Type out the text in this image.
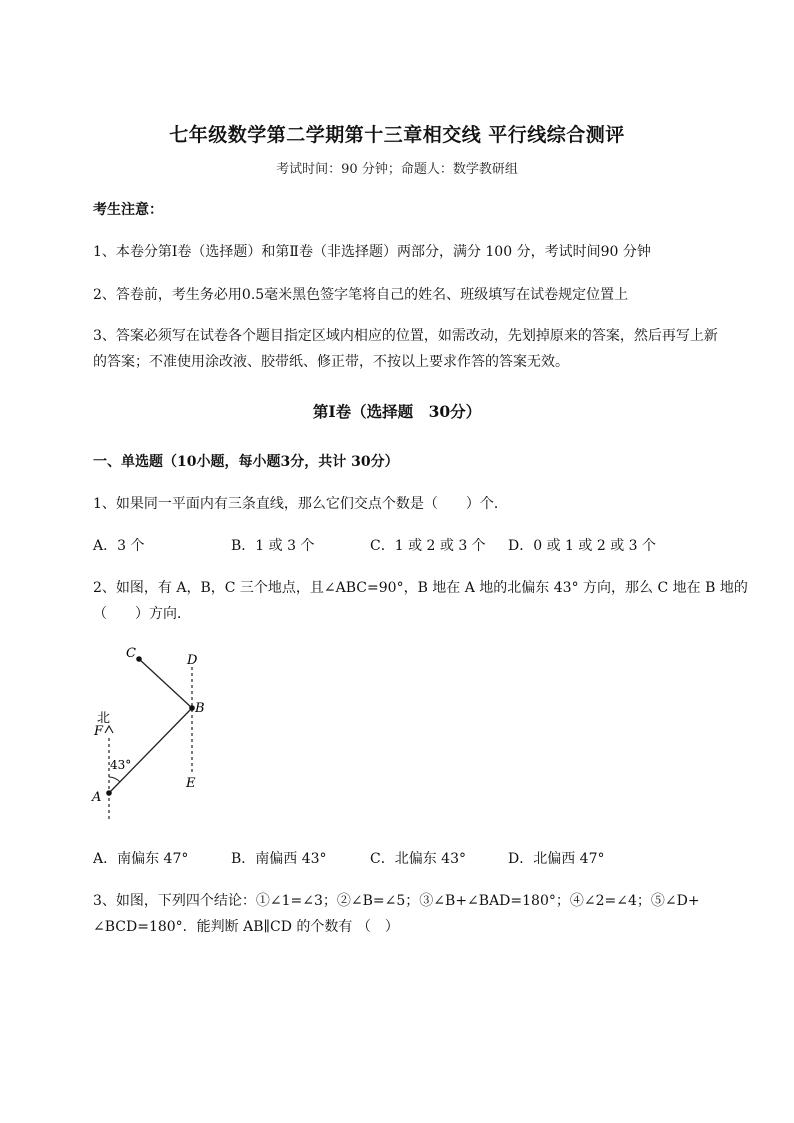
七年级数学第二学期第十三章相交线 平行线综合测评
考试时间：90 分钟；命题人：数学教研组
考生注意：
1、本卷分第Ⅰ卷（选择题）和第Ⅱ卷（非选择题）两部分，满分 100 分，考试时间90 分钟
2、答卷前，考生务必用0.5毫米黑色签字笔将自己的姓名、班级填写在试卷规定位置上
3、答案必须写在试卷各个题目指定区域内相应的位置，如需改动，先划掉原来的答案，然后再写上新
的答案；不准使用涂改液、胶带纸、修正带，不按以上要求作答的答案无效。
第Ⅰ卷（选择题　30分）
一、单选题（10小题，每小题3分，共计 30分）
1、如果同一平面内有三条直线，那么它们交点个数是（　　）个．
A．3 个	B．1 或 3 个	C．1 或 2 或 3 个 D．0 或 1 或 2 或 3 个
2、如图，有 A，B，C 三个地点，且∠ABC=90°，B 地在 A 地的北偏东 43° 方向，那么 C 地在 B 地的
（　　）方向．
C	D
B
北
F
43°
A
E
A．南偏东 47°	B．南偏西 43°	C．北偏东 43°	D．北偏西 47°
3、如图，下列四个结论：①∠1=∠3；②∠B=∠5；③∠B+∠BAD=180°；④∠2=∠4；⑤∠D+
∠BCD=180°．能判断 AB∥CD 的个数有 （　）
